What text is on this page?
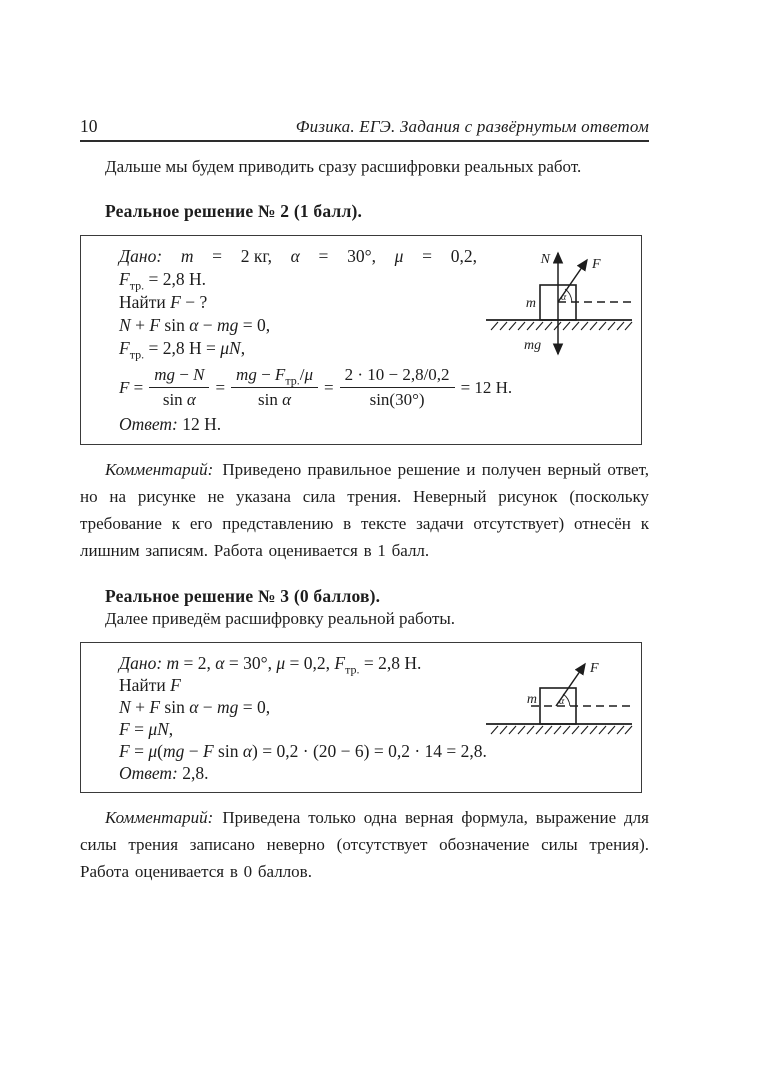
10	Физика. ЕГЭ. Задания с развёрнутым ответом

Дальше мы будем приводить сразу расшифровки реальных работ.

Реальное решение № 2 (1 балл).
Дано: m = 2 кг, α = 30°, μ = 0,2,
$F_{тр.} = 2,8$ Н.
Найти F − ?
N + F sin α − mg = 0,
$F_{тр.} = 2,8$ Н = μN,
$F = \frac{mg - N}{\text{sin α}} = \frac{mg - F_{тр.}/\mu}{\text{sin α}} = \frac{2 \cdot 10 - 2,8/0,2}{\sin(30^\circ)} = 12$ Н.
Ответ: 12 Н.
N	F⃗
m
mg⃗
α

Комментарий: Приведено правильное решение и получен верный ответ, но на рисунке не указана сила трения. Неверный рисунок (поскольку требование к его представлению в тексте задачи отсутствует) отнесён к лишним записям. Работа оценивается в 1 балл.

Реальное решение № 3 (0 баллов).

Далее приведём расшифровку реальной работы.

Дано: m = 2, α = 30°, μ = 0,2, $F_{тр.} = 2,8$ Н.
Найти F
N + F sin α − mg = 0,
F = μN,
F = μ(mg − F sin α) = 0,2 · (20 − 6) = 0,2 · 14 = 2,8.
Ответ: 2,8.
F
m α

Комментарий: Приведена только одна верная формула, выражение для силы трения записано неверно (отсутствует обозначение силы трения). Работа оценивается в 0 баллов.
